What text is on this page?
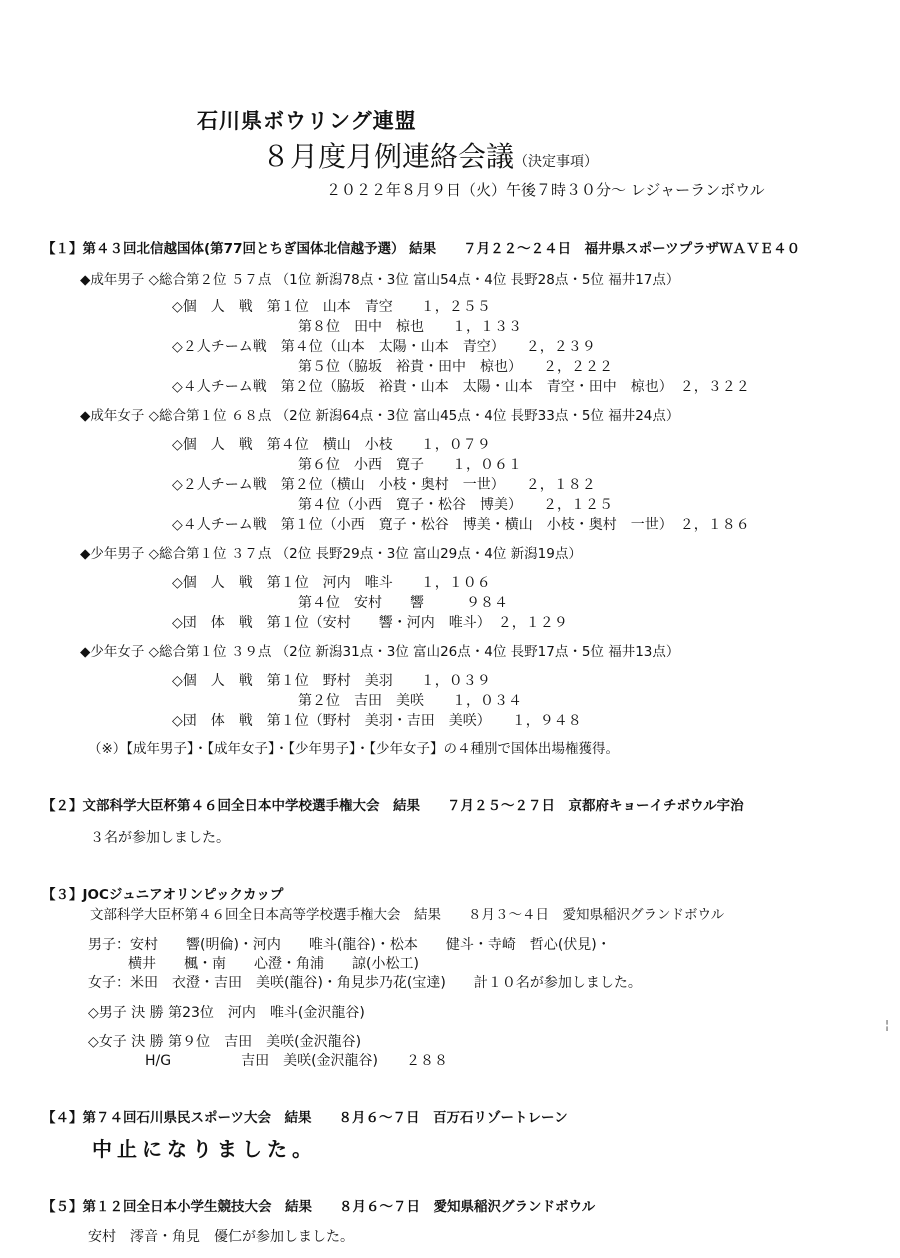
石川県ボウリング連盟
８月度月例連絡会議（決定事項）
２０２２年８月９日（火）午後７時３０分～ レジャーランボウル
【１】第４３回北信越国体(第77回とちぎ国体北信越予選） 結果　　７月２２～２４日　福井県スポーツプラザＷＡＶＥ４０
◆成年男子 ◇総合第２位 ５７点 （1位 新潟78点・3位 富山54点・4位 長野28点・5位 福井17点）
◇個　人　戦　第１位　山本　青空　　１，２５５
第８位　田中　椋也　　１，１３３
◇２人チーム戦　第４位（山本　太陽・山本　青空）　　２，２３９
第５位（脇坂　裕貴・田中　椋也）　　２，２２２
◇４人チーム戦　第２位（脇坂　裕貴・山本　太陽・山本　青空・田中　椋也）　２，３２２
◆成年女子 ◇総合第１位 ６８点 （2位 新潟64点・3位 富山45点・4位 長野33点・5位 福井24点）
◇個　人　戦　第４位　横山　小枝　　１，０７９
第６位　小西　寛子　　１，０６１
◇２人チーム戦　第２位（横山　小枝・奥村　一世）　　２，１８２
第４位（小西　寛子・松谷　博美）　　２，１２５
◇４人チーム戦　第１位（小西　寛子・松谷　博美・横山　小枝・奥村　一世）　２，１８６
◆少年男子 ◇総合第１位 ３７点 （2位 長野29点・3位 富山29点・4位 新潟19点）
◇個　人　戦　第１位　河内　唯斗　　１，１０６
第４位　安村　　響　　　９８４
◇団　体　戦　第１位（安村　　響・河内　唯斗）　２，１２９
◆少年女子 ◇総合第１位 ３９点 （2位 新潟31点・3位 富山26点・4位 長野17点・5位 福井13点）
◇個　人　戦　第１位　野村　美羽　　１，０３９
第２位　吉田　美咲　　１，０３４
◇団　体　戦　第１位（野村　美羽・吉田　美咲）　　１，９４８
（※）【成年男子】・【成年女子】・【少年男子】・【少年女子】の４種別で国体出場権獲得。
【２】文部科学大臣杯第４６回全日本中学校選手権大会　結果　　７月２５～２７日　京都府キョーイチボウル宇治
３名が参加しました。
【３】JOCジュニアオリンピックカップ
文部科学大臣杯第４６回全日本高等学校選手権大会　結果　　８月３～４日　愛知県稲沢グランドボウル
男子：安村　　響(明倫)・河内　　唯斗(龍谷)・松本　　健斗・寺崎　哲心(伏見)・
横井　　楓・南　　心澄・角浦　　諒(小松工)
女子：米田　衣澄・吉田　美咲(龍谷)・角見歩乃花(宝達)　　計１０名が参加しました。
◇男子 決 勝 第23位　河内　唯斗(金沢龍谷)
◇女子 決 勝 第９位　吉田　美咲(金沢龍谷)
H/G　　　　　吉田　美咲(金沢龍谷)　　２８８
【４】第７４回石川県民スポーツ大会　結果　　８月６～７日　百万石リゾートレーン
中止になりました。
【５】第１２回全日本小学生競技大会　結果　　８月６～７日　愛知県稲沢グランドボウル
安村　澪音・角見　優仁が参加しました。
¦
